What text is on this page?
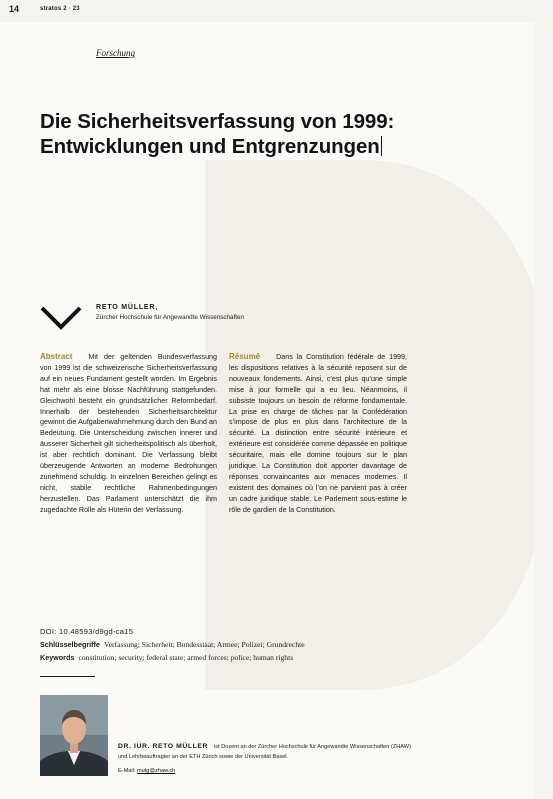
14	stratos 2 · 23
Forschung
Die Sicherheitsverfassung von 1999:
Entwicklungen und Entgrenzungen
RETO MÜLLER,
Zürcher Hochschule für Angewandte Wissenschaften
Abstract Mit der geltenden Bundesverfassung von 1999 ist die schweizerische Sicherheitsverfassung auf ein neues Fundament gestellt worden. Im Ergebnis hat mehr als eine blosse Nachführung stattgefunden. Gleichwohl besteht ein grundsätzlicher Reformbedarf. Innerhalb der bestehenden Sicherheitsarchitektur gewinnt die Aufgabenwahrnehmung durch den Bund an Bedeutung. Die Unterscheidung zwischen innerer und äusserer Sicherheit gilt sicherheitspolitisch als überholt, ist aber rechtlich dominant. Die Verfassung bleibt überzeugende Antworten an moderne Bedrohungen zunehmend schuldig. In einzelnen Bereichen gelingt es nicht, stabile rechtliche Rahmenbedingungen herzustellen. Das Parlament unterschätzt die ihm zugedachte Rolle als Hüterin der Verfassung.
Résumé Dans la Constitution fédérale de 1999, les dispositions relatives à la sécurité reposent sur de nouveaux fondements. Ainsi, c’est plus qu’une simple mise à jour formelle qui a eu lieu. Néanmoins, il subsiste toujours un besoin de réforme fondamentale. La prise en charge de tâches par la Confédération s’impose de plus en plus dans l’architecture de la sécurité. La distinction entre sécurité intérieure et extérieure est considérée comme dépassée en politique sécuritaire, mais elle domine toujours sur le plan juridique. La Constitution doit apporter davantage de réponses convaincantes aux menaces modernes. Il existent des domaines où l’on ne parvient pas à créer un cadre juridique stable. Le Parlement sous-estime le rôle de gardien de la Constitution.
DOI: 10.48593/d9gd-ca15
Schlüsselbegriffe Verfassung; Sicherheit; Bundesstaat; Armee; Polizei; Grundrechte
Keywords constitution; security; federal state; armed forces; police; human rights
DR. IUR. RETO MÜLLER ist Dozent an der Zürcher Hochschule für Angewandte Wissenschaften (ZHAW) und Lehrbeauftragter an der ETH Zürich sowie der Universität Basel.
E-Mail: mutg@zhaw.ch
